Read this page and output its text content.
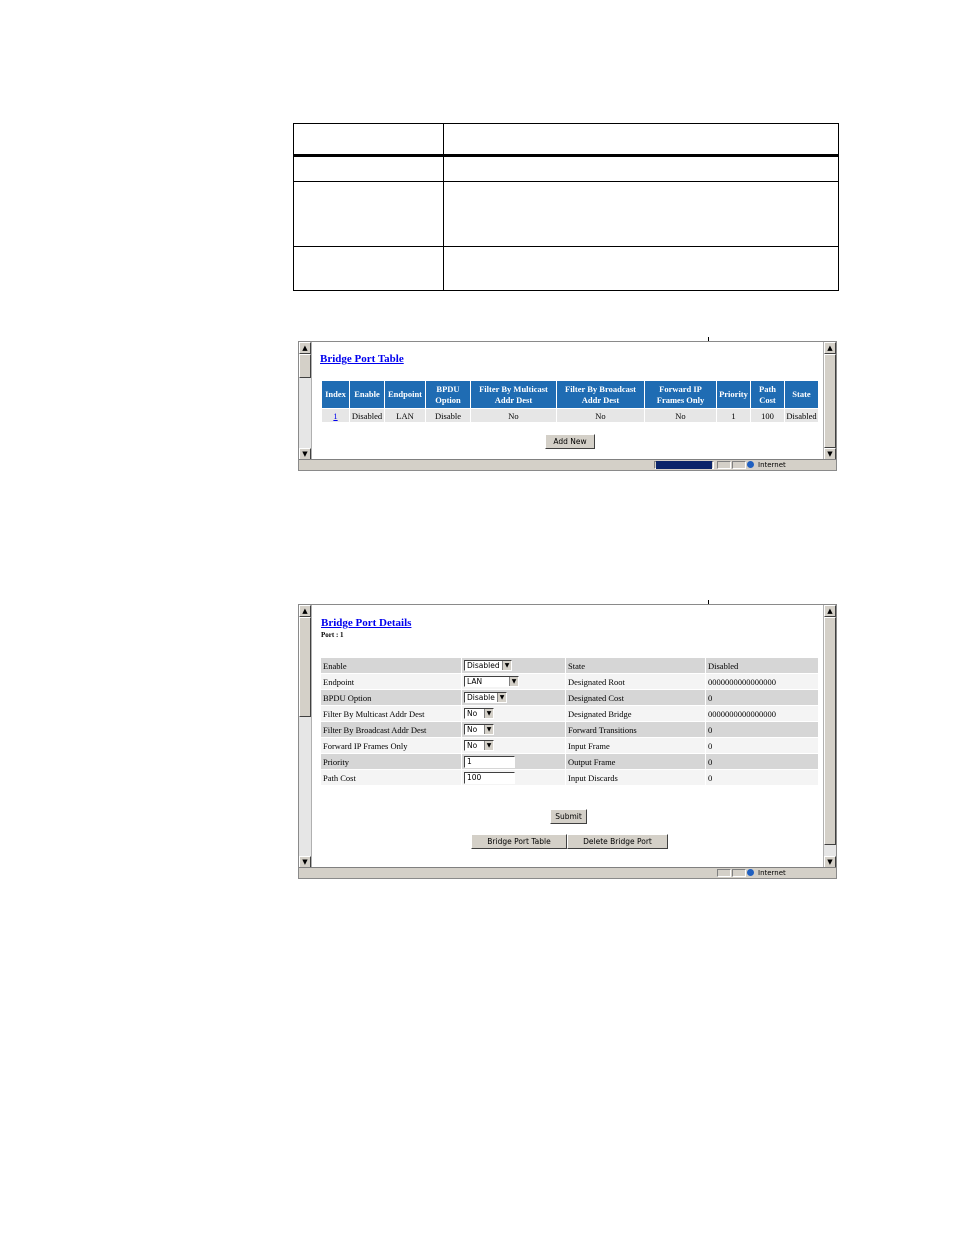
▲
▼
▲
▼
Bridge Port Table
Index	Enable	Endpoint	BPDU Option	Filter By Multicast Addr Dest	Filter By Broadcast Addr Dest	Forward IP Frames Only	Priority	Path Cost	State
1	Disabled	LAN	Disable	No	No	No	1	100	Disabled
Add New
Internet
▲
▼
▲
▼
Bridge Port Details
Port : 1
Enable	Disabled ▼	State	Disabled
Endpoint	LAN ▼	Designated Root	0000000000000000
BPDU Option	Disable ▼	Designated Cost	0
Filter By Multicast Addr Dest	No ▼	Designated Bridge	0000000000000000
Filter By Broadcast Addr Dest	No ▼	Forward Transitions	0
Forward IP Frames Only	No ▼	Input Frame	0
Priority	1	Output Frame	0
Path Cost	100	Input Discards	0
Submit
Bridge Port Table	Delete Bridge Port
Internet
